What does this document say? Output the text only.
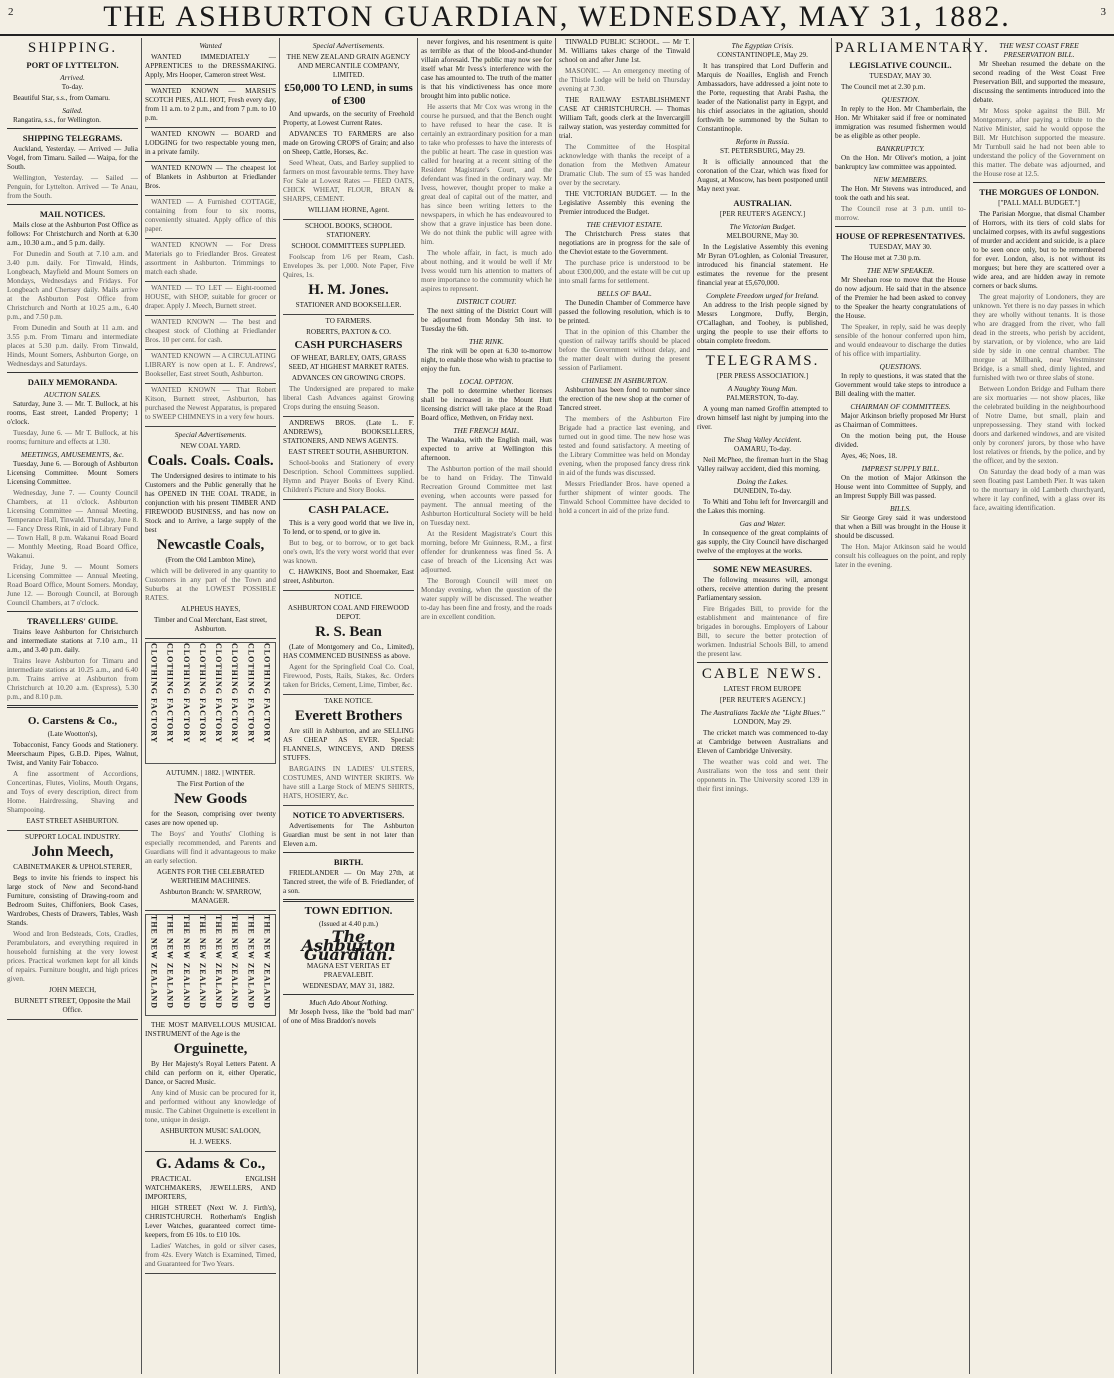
2	THE ASHBURTON GUARDIAN, WEDNESDAY, MAY 31, 1882.	3
SHIPPING.
PORT OF LYTTELTON.
Arrived.

To-day.

Beautiful Star, s.s., from Oamaru.

Sailed.

Rangatira, s.s., for Wellington.

SHIPPING TELEGRAMS.

Auckland, Yesterday. — Arrived — Julia Vogel, from Timaru. Sailed — Waipa, for the South.

Wellington, Yesterday. — Sailed — Penguin, for Lyttelton. Arrived — Te Anau, from the South.

MAIL NOTICES.

Mails close at the Ashburton Post Office as follows: For Christchurch and North at 6.30 a.m., 10.30 a.m., and 5 p.m. daily.

For Dunedin and South at 7.10 a.m. and 3.40 p.m. daily. For Tinwald, Hinds, Longbeach, Mayfield and Mount Somers on Mondays, Wednesdays and Fridays. For Longbeach and Chertsey daily. Mails arrive at the Ashburton Post Office from Christchurch and North at 10.25 a.m., 6.40 p.m., and 7.50 p.m.

From Dunedin and South at 11 a.m. and 3.55 p.m. From Timaru and intermediate places at 5.30 p.m. daily. From Tinwald, Hinds, Mount Somers, Ashburton Gorge, on Wednesdays and Saturdays.

DAILY MEMORANDA.
AUCTION SALES.

Saturday, June 3. — Mr. T. Bullock, at his rooms, East street, Landed Property; 1 o'clock.

Tuesday, June 6. — Mr T. Bullock, at his rooms; furniture and effects at 1.30.

MEETINGS, AMUSEMENTS, &c.

Tuesday, June 6. — Borough of Ashburton Licensing Committee. Mount Somers Licensing Committee.

Wednesday, June 7. — County Council Chambers, at 11 o'clock. Ashburton Licensing Committee — Annual Meeting, Temperance Hall, Tinwald. Thursday, June 8. — Fancy Dress Rink, in aid of Library Fund — Town Hall, 8 p.m. Wakanui Road Board — Monthly Meeting, Road Board Office, Wakanui.

Friday, June 9. — Mount Somers Licensing Committee — Annual Meeting, Road Board Office, Mount Somers. Monday, June 12. — Borough Council, at Borough Council Chambers, at 7 o'clock.

TRAVELLERS' GUIDE.

Trains leave Ashburton for Christchurch and intermediate stations at 7.10 a.m., 11 a.m., and 3.40 p.m. daily.

Trains leave Ashburton for Timaru and intermediate stations at 10.25 a.m., and 6.40 p.m. Trains arrive at Ashburton from Christchurch at 10.20 a.m. (Express), 5.30 p.m., and 8.10 p.m.

O. Carstens & Co.,

(Late Wootton's),

Tobacconist, Fancy Goods and Stationery. Meerschaum Pipes, G.B.D. Pipes, Walnut, Twist, and Vanity Fair Tobacco.

A fine assortment of Accordions, Concertinas, Flutes, Violins, Mouth Organs, and Toys of every description, direct from Home. Hairdressing, Shaving and Shampooing.

EAST STREET ASHBURTON.

SUPPORT LOCAL INDUSTRY.

John Meech,

CABINETMAKER & UPHOLSTERER,

Begs to invite his friends to inspect his large stock of New and Second-hand Furniture, consisting of Drawing-room and Bedroom Suites, Chiffoniers, Book Cases, Wardrobes, Chests of Drawers, Tables, Wash Stands.

Wood and Iron Bedsteads, Cots, Cradles, Perambulators, and everything required in household furnishing at the very lowest prices. Practical workmen kept for all kinds of repairs. Furniture bought, and high prices given.

JOHN MEECH,

BURNETT STREET, Opposite the Mail Office.

Wanted

WANTED IMMEDIATELY — APPRENTICES to the DRESSMAKING. Apply, Mrs Hooper, Cameron street West.

WANTED KNOWN — MARSH'S SCOTCH PIES, ALL HOT, Fresh every day, from 11 a.m. to 2 p.m., and from 7 p.m. to 10 p.m.

WANTED KNOWN — BOARD and LODGING for two respectable young men, in a private family.

WANTED KNOWN — The cheapest lot of Blankets in Ashburton at Friedlander Bros.

WANTED — A Furnished COTTAGE, containing from four to six rooms, conveniently situated. Apply office of this paper.

WANTED KNOWN — For Dress Materials go to Friedlander Bros. Greatest assortment in Ashburton. Trimmings to match each shade.

WANTED — TO LET — Eight-roomed HOUSE, with SHOP, suitable for grocer or draper. Apply J. Meech, Burnett street.

WANTED KNOWN — The best and cheapest stock of Clothing at Friedlander Bros. 10 per cent. for cash.

WANTED KNOWN — A CIRCULATING LIBRARY is now open at L. F. Andrews', Bookseller, East street South, Ashburton.

WANTED KNOWN — That Robert Kitson, Burnett street, Ashburton, has purchased the Newest Apparatus, is prepared to SWEEP CHIMNEYS in a very few hours.

Special Advertisements.

NEW COAL YARD.

Coals. Coals. Coals.

The Undersigned desires to intimate to his Customers and the Public generally that he has OPENED IN THE COAL TRADE, in conjunction with his present TIMBER AND FIREWOOD BUSINESS, and has now on Stock and to Arrive, a large supply of the best

Newcastle Coals,

(From the Old Lambton Mine),

which will be delivered in any quantity to Customers in any part of the Town and Suburbs at the LOWEST POSSIBLE RATES.

ALPHEUS HAYES,

Timber and Coal Merchant, East street, Ashburton.

CLOTHING FACTORY CLOTHING FACTORY CLOTHING FACTORY CLOTHING FACTORY CLOTHING FACTORY CLOTHING FACTORY CLOTHING FACTORY CLOTHING FACTORY

AUTUMN. | 1882. | WINTER.

The First Portion of the

New Goods

for the Season, comprising over twenty cases are now opened up.

The Boys' and Youths' Clothing is especially recommended, and Parents and Guardians will find it advantageous to make an early selection.

AGENTS FOR THE CELEBRATED WERTHEIM MACHINES.

Ashburton Branch: W. SPARROW, MANAGER.

THE NEW ZEALAND THE NEW ZEALAND THE NEW ZEALAND THE NEW ZEALAND THE NEW ZEALAND THE NEW ZEALAND THE NEW ZEALAND THE NEW ZEALAND

THE MOST MARVELLOUS MUSICAL INSTRUMENT of the Age is the

Orguinette,

By Her Majesty's Royal Letters Patent. A child can perform on it, either Operatic, Dance, or Sacred Music.

Any kind of Music can be procured for it, and performed without any knowledge of music. The Cabinet Orguinette is excellent in tone, unique in design.

ASHBURTON MUSIC SALOON,

H. J. WEEKS.

G. Adams & Co.,

PRACTICAL ENGLISH WATCHMAKERS, JEWELLERS, AND IMPORTERS,

HIGH STREET (Next W. J. Firth's), CHRISTCHURCH. Rotherham's English Lever Watches, guaranteed correct time-keepers, from £6 10s. to £10 10s.

Ladies' Watches, in gold or silver cases, from 42s. Every Watch is Examined, Timed, and Guaranteed for Two Years.

Special Advertisements.

THE NEW ZEALAND GRAIN AGENCY AND MERCANTILE COMPANY, LIMITED.

£50,000 TO LEND, in sums of £300

And upwards, on the security of Freehold Property, at Lowest Current Rates.

ADVANCES TO FARMERS are also made on Growing CROPS of Grain; and also on Sheep, Cattle, Horses, &c.

Seed Wheat, Oats, and Barley supplied to farmers on most favourable terms. They have For Sale at Lowest Rates — FEED OATS, CHICK WHEAT, FLOUR, BRAN & SHARPS, CEMENT.

WILLIAM HORNE, Agent.

SCHOOL BOOKS, SCHOOL STATIONERY.

SCHOOL COMMITTEES SUPPLIED.

Foolscap from 1/6 per Ream, Cash. Envelopes 3s. per 1,000. Note Paper, Five Quires, 1s.

H. M. Jones.

STATIONER AND BOOKSELLER.

TO FARMERS.

ROBERTS, PAXTON & CO.

CASH PURCHASERS

OF WHEAT, BARLEY, OATS, GRASS SEED, AT HIGHEST MARKET RATES.

ADVANCES ON GROWING CROPS.

The Undersigned are prepared to make liberal Cash Advances against Growing Crops during the ensuing Season.

ANDREWS BROS. (Late L. F. ANDREWS), BOOKSELLERS, STATIONERS, AND NEWS AGENTS.

EAST STREET SOUTH, ASHBURTON.

School-books and Stationery of every Description. School Committees supplied. Hymn and Prayer Books of Every Kind. Children's Picture and Story Books.

CASH PALACE.

This is a very good world that we live in, To lend, or to spend, or to give in.

But to beg, or to borrow, or to get back one's own, It's the very worst world that ever was known.

C. HAWKINS, Boot and Shoemaker, East street, Ashburton.

NOTICE.

ASHBURTON COAL AND FIREWOOD DEPOT.

R. S. Bean

(Late of Montgomery and Co., Limited), HAS COMMENCED BUSINESS as above.

Agent for the Springfield Coal Co. Coal, Firewood, Posts, Rails, Stakes, &c. Orders taken for Bricks, Cement, Lime, Timber, &c.

TAKE NOTICE.

Everett Brothers

Are still in Ashburton, and are SELLING AS CHEAP AS EVER. Special: FLANNELS, WINCEYS, AND DRESS STUFFS.

BARGAINS IN LADIES' ULSTERS, COSTUMES, AND WINTER SKIRTS. We have still a Large Stock of MEN'S SHIRTS, HATS, HOSIERY, &c.

NOTICE TO ADVERTISERS.

Advertisements for The Ashburton Guardian must be sent in not later than Eleven a.m.

BIRTH.

FRIEDLANDER — On May 27th, at Tancred street, the wife of B. Friedlander, of a son.

TOWN EDITION.

(Issued at 4.40 p.m.)

The Ashburton Guardian.

MAGNA EST VERITAS ET PRAEVALEBIT.

WEDNESDAY, MAY 31, 1882.

Much Ado About Nothing.

Mr Joseph Ivess, like the "bold bad man" of one of Miss Braddon's novels

never forgives, and his resentment is quite as terrible as that of the blood-and-thunder villain aforesaid. The public may now see for itself what Mr Ivess's interference with the case has amounted to. The truth of the matter is that his vindictiveness has once more brought him into public notice.

He asserts that Mr Cox was wrong in the course he pursued, and that the Bench ought to have refused to hear the case. It is certainly an extraordinary position for a man to take who professes to have the interests of the public at heart. The case in question was called for hearing at a recent sitting of the Resident Magistrate's Court, and the defendant was fined in the ordinary way. Mr Ivess, however, thought proper to make a great deal of capital out of the matter, and has since been writing letters to the newspapers, in which he has endeavoured to show that a grave injustice has been done. We do not think the public will agree with him.

The whole affair, in fact, is much ado about nothing, and it would be well if Mr Ivess would turn his attention to matters of more importance to the community which he aspires to represent.

DISTRICT COURT.

The next sitting of the District Court will be adjourned from Monday 5th inst. to Tuesday the 6th.

THE RINK.

The rink will be open at 6.30 to-morrow night, to enable those who wish to practise to enjoy the fun.

LOCAL OPTION.

The poll to determine whether licenses shall be increased in the Mount Hutt licensing district will take place at the Road Board office, Methven, on Friday next.

THE FRENCH MAIL.

The Wanaka, with the English mail, was expected to arrive at Wellington this afternoon.

The Ashburton portion of the mail should be to hand on Friday. The Tinwald Recreation Ground Committee met last evening, when accounts were passed for payment. The annual meeting of the Ashburton Horticultural Society will be held on Tuesday next.

At the Resident Magistrate's Court this morning, before Mr Guinness, R.M., a first offender for drunkenness was fined 5s. A case of breach of the Licensing Act was adjourned.

The Borough Council will meet on Monday evening, when the question of the water supply will be discussed. The weather to-day has been fine and frosty, and the roads are in excellent condition.

TINWALD PUBLIC SCHOOL. — Mr T. M. Williams takes charge of the Tinwald school on and after June 1st.

MASONIC. — An emergency meeting of the Thistle Lodge will be held on Thursday evening at 7.30.

THE RAILWAY ESTABLISHMENT CASE AT CHRISTCHURCH. — Thomas William Taft, goods clerk at the Invercargill railway station, was yesterday committed for trial.

The Committee of the Hospital acknowledge with thanks the receipt of a donation from the Methven Amateur Dramatic Club. The sum of £5 was handed over by the secretary.

THE VICTORIAN BUDGET. — In the Legislative Assembly this evening the Premier introduced the Budget.

THE CHEVIOT ESTATE.

The Christchurch Press states that negotiations are in progress for the sale of the Cheviot estate to the Government.

The purchase price is understood to be about £300,000, and the estate will be cut up into small farms for settlement.

BELLS OF BAAL.

The Dunedin Chamber of Commerce have passed the following resolution, which is to be printed.

That in the opinion of this Chamber the question of railway tariffs should be placed before the Government without delay, and the matter dealt with during the present session of Parliament.

CHINESE IN ASHBURTON.

Ashburton has been fond to number since the erection of the new shop at the corner of Tancred street.

The members of the Ashburton Fire Brigade had a practice last evening, and turned out in good time. The new hose was tested and found satisfactory. A meeting of the Library Committee was held on Monday evening, when the proposed fancy dress rink in aid of the funds was discussed.

Messrs Friedlander Bros. have opened a further shipment of winter goods. The Tinwald School Committee have decided to hold a concert in aid of the prize fund.

The Egyptian Crisis.

CONSTANTINOPLE, May 29.

It has transpired that Lord Dufferin and Marquis de Noailles, English and French Ambassadors, have addressed a joint note to the Porte, requesting that Arabi Pasha, the leader of the Nationalist party in Egypt, and his chief associates in the agitation, should forthwith be summoned by the Sultan to Constantinople.

Reform in Russia.

ST. PETERSBURG, May 29.

It is officially announced that the coronation of the Czar, which was fixed for August, at Moscow, has been postponed until May next year.

AUSTRALIAN.

[PER REUTER'S AGENCY.]

The Victorian Budget.

MELBOURNE, May 30.

In the Legislative Assembly this evening Mr Byran O'Loghlen, as Colonial Treasurer, introduced his financial statement. He estimates the revenue for the present financial year at £5,670,000.

Complete Freedom urged for Ireland.

An address to the Irish people signed by Messrs Longmore, Duffy, Bergin, O'Callaghan, and Toohey, is published, urging the people to use their efforts to obtain complete freedom.

TELEGRAMS.

[PER PRESS ASSOCIATION.]

A Naughty Young Man.

PALMERSTON, To-day.

A young man named Groffin attempted to drown himself last night by jumping into the river.

The Shag Valley Accident.

OAMARU, To-day.

Neil McPhee, the fireman hurt in the Shag Valley railway accident, died this morning.

Doing the Lakes.

DUNEDIN, To-day.

To Whiti and Tohu left for Invercargill and the Lakes this morning.

Gas and Water.

In consequence of the great complaints of gas supply, the City Council have discharged twelve of the employes at the works.

SOME NEW MEASURES.

The following measures will, amongst others, receive attention during the present Parliamentary session.

Fire Brigades Bill, to provide for the establishment and maintenance of fire brigades in boroughs. Employers of Labour Bill, to secure the better protection of workmen. Industrial Schools Bill, to amend the present law.

CABLE NEWS.

LATEST FROM EUROPE

[PER REUTER'S AGENCY.]

The Australians Tackle the "Light Blues."

LONDON, May 29.

The cricket match was commenced to-day at Cambridge between Australians and Eleven of Cambridge University.

The weather was cold and wet. The Australians won the toss and sent their opponents in. The University scored 139 in their first innings.

PARLIAMENTARY.
LEGISLATIVE COUNCIL.

TUESDAY, MAY 30.

The Council met at 2.30 p.m.

QUESTION.

In reply to the Hon. Mr Chamberlain, the Hon. Mr Whitaker said if free or nominated immigration was resumed fishermen would be as eligible as other people.

BANKRUPTCY.

On the Hon. Mr Oliver's motion, a joint bankruptcy law committee was appointed.

NEW MEMBERS.

The Hon. Mr Stevens was introduced, and took the oath and his seat.

The Council rose at 3 p.m. until to-morrow.

HOUSE OF REPRESENTATIVES.

TUESDAY, MAY 30.

The House met at 7.30 p.m.

THE NEW SPEAKER.

Mr Sheehan rose to move that the House do now adjourn. He said that in the absence of the Premier he had been asked to convey to the Speaker the hearty congratulations of the House.

The Speaker, in reply, said he was deeply sensible of the honour conferred upon him, and would endeavour to discharge the duties of his office with impartiality.

QUESTIONS.

In reply to questions, it was stated that the Government would take steps to introduce a Bill dealing with the matter.

CHAIRMAN OF COMMITTEES.

Major Atkinson briefly proposed Mr Hurst as Chairman of Committees.

On the motion being put, the House divided.

Ayes, 46; Noes, 18.

IMPREST SUPPLY BILL.

On the motion of Major Atkinson the House went into Committee of Supply, and an Imprest Supply Bill was passed.

BILLS.

Sir George Grey said it was understood that when a Bill was brought in the House it should be discussed.

The Hon. Major Atkinson said he would consult his colleagues on the point, and reply later in the evening.

THE WEST COAST FREE PRESERVATION BILL.

Mr Sheehan resumed the debate on the second reading of the West Coast Free Preservation Bill, and supported the measure, discussing the sentiments introduced into the debate.

Mr Moss spoke against the Bill. Mr Montgomery, after paying a tribute to the Native Minister, said he would oppose the Bill. Mr Hutchison supported the measure. Mr Turnbull said he had not been able to understand the policy of the Government on this matter. The debate was adjourned, and the House rose at 12.5.

THE MORGUES OF LONDON.

["PALL MALL BUDGET."]

The Parisian Morgue, that dismal Chamber of Horrors, with its tiers of cold slabs for unclaimed corpses, with its awful suggestions of murder and accident and suicide, is a place to be seen once only, but to be remembered for ever. London, also, is not without its morgues; but here they are scattered over a wide area, and are hidden away in remote corners or back slums.

The great majority of Londoners, they are unknown. Yet there is no day passes in which they are wholly without tenants. It is those who are dragged from the river, who fall dead in the streets, who perish by accident, by starvation, or by violence, who are laid side by side in one central chamber. The morgue at Millbank, near Westminster Bridge, is a small shed, dimly lighted, and furnished with two or three slabs of stone.

Between London Bridge and Fulham there are six mortuaries — not show places, like the celebrated building in the neighbourhood of Notre Dame, but small, plain and unprepossessing. They stand with locked doors and darkened windows, and are visited only by coroners' jurors, by those who have lost relatives or friends, by the police, and by the officer, and by the sexton.

On Saturday the dead body of a man was seen floating past Lambeth Pier. It was taken to the mortuary in old Lambeth churchyard, where it lay confined, with a glass over its face, awaiting identification.
